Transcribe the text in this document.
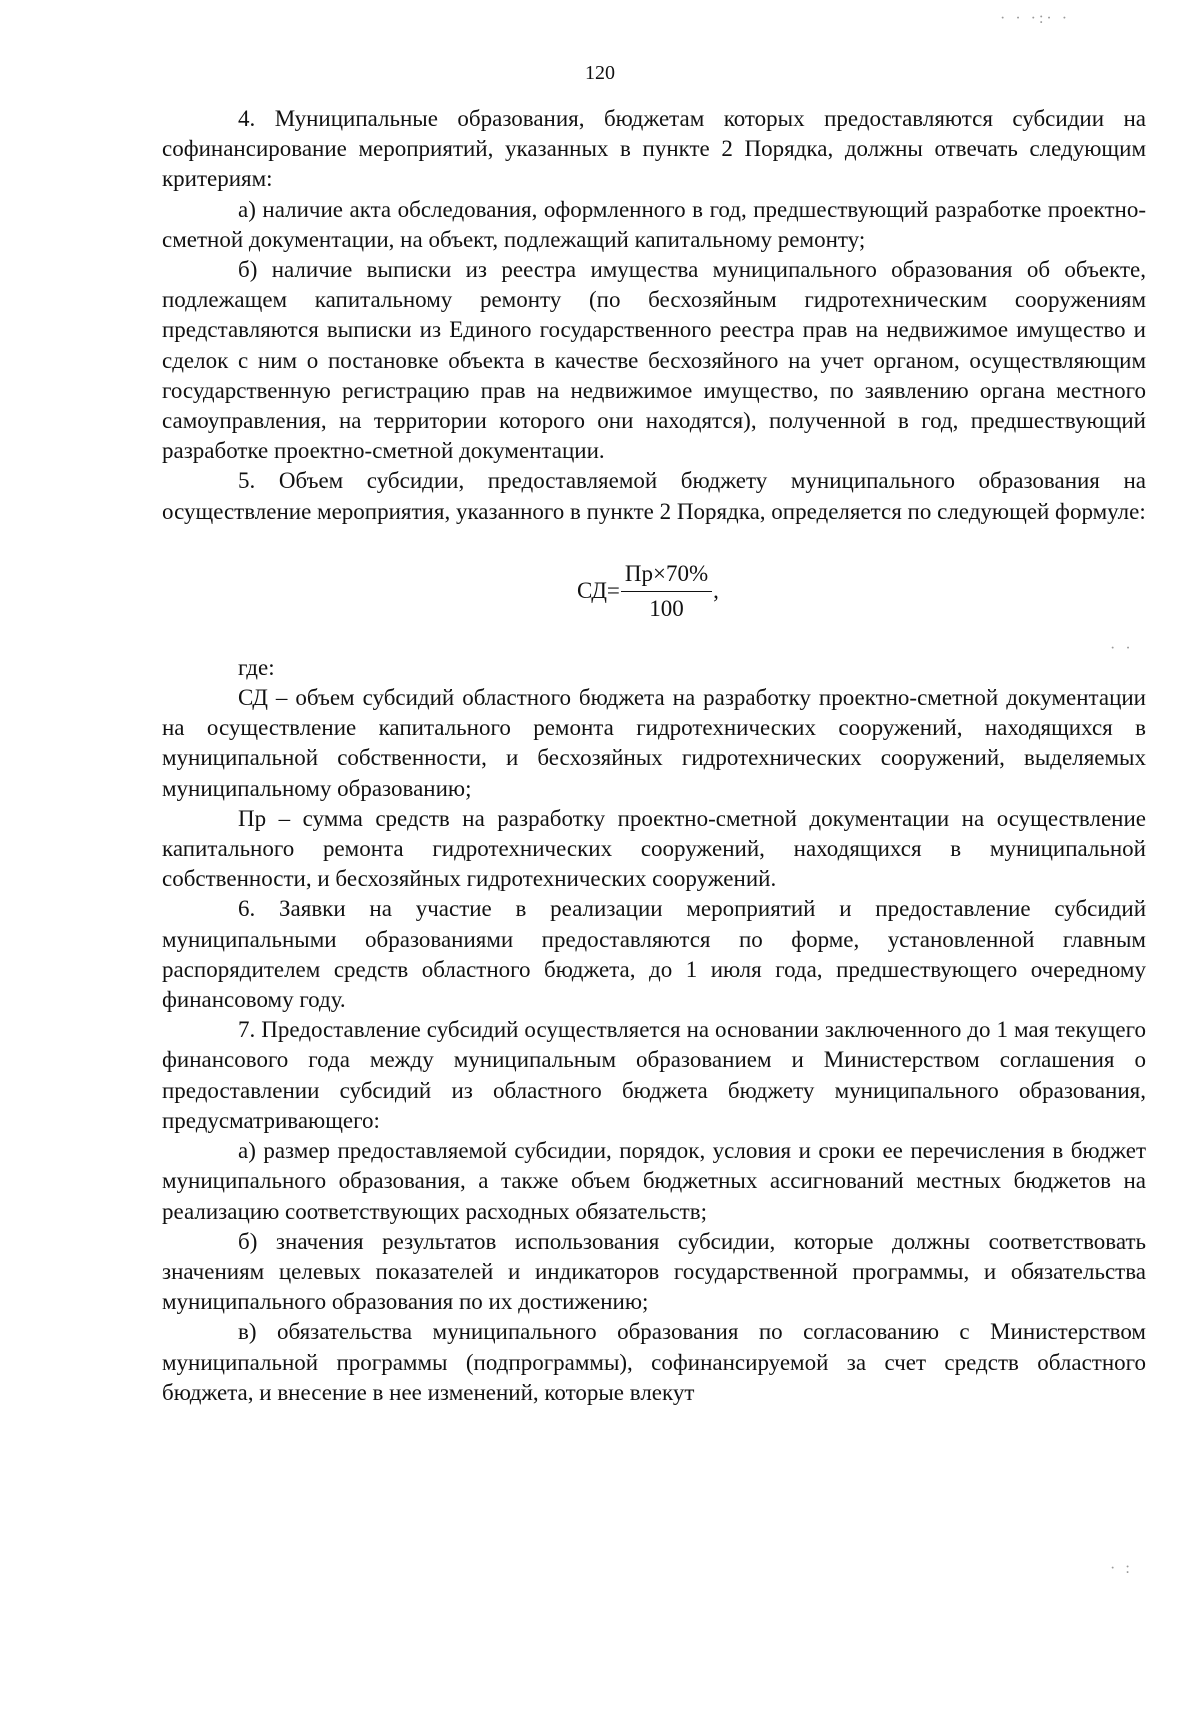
120

4. Муниципальные образования, бюджетам которых предоставляются субсидии на софинансирование мероприятий, указанных в пункте 2 Порядка, должны отвечать следующим критериям:

а) наличие акта обследования, оформленного в год, предшествующий разработке проектно-сметной документации, на объект, подлежащий капитальному ремонту;

б) наличие выписки из реестра имущества муниципального образования об объекте, подлежащем капитальному ремонту (по бесхозяйным гидротехническим сооружениям представляются выписки из Единого государственного реестра прав на недвижимое имущество и сделок с ним о постановке объекта в качестве бесхозяйного на учет органом, осуществляющим государственную регистрацию прав на недвижимое имущество, по заявлению органа местного самоуправления, на территории которого они находятся), полученной в год, предшествующий разработке проектно-сметной документации.

5. Объем субсидии, предоставляемой бюджету муниципального образования на осуществление мероприятия, указанного в пункте 2 Порядка, определяется по следующей формуле:

$СД= \frac{Пр\times 70\%}{100}$ ,

где:

СД – объем субсидий областного бюджета на разработку проектно-сметной документации на осуществление капитального ремонта гидротехнических сооружений, находящихся в муниципальной собственности, и бесхозяйных гидротехнических сооружений, выделяемых муниципальному образованию;

Пр – сумма средств на разработку проектно-сметной документации на осуществление капитального ремонта гидротехнических сооружений, находящихся в муниципальной собственности, и бесхозяйных гидротехнических сооружений.

6. Заявки на участие в реализации мероприятий и предоставление субсидий муниципальными образованиями предоставляются по форме, установленной главным распорядителем средств областного бюджета, до 1 июля года, предшествующего очередному финансовому году.

7. Предоставление субсидий осуществляется на основании заключенного до 1 мая текущего финансового года между муниципальным образованием и Министерством соглашения о предоставлении субсидий из областного бюджета бюджету муниципального образования, предусматривающего:

а) размер предоставляемой субсидии, порядок, условия и сроки ее перечисления в бюджет муниципального образования, а также объем бюджетных ассигнований местных бюджетов на реализацию соответствующих расходных обязательств;

б) значения результатов использования субсидии, которые должны соответствовать значениям целевых показателей и индикаторов государственной программы, и обязательства муниципального образования по их достижению;

в) обязательства муниципального образования по согласованию с Министерством муниципальной программы (подпрограммы), софинансируемой за счет средств областного бюджета, и внесение в нее изменений, которые влекут

· · ·:· ·
· ·
· :
